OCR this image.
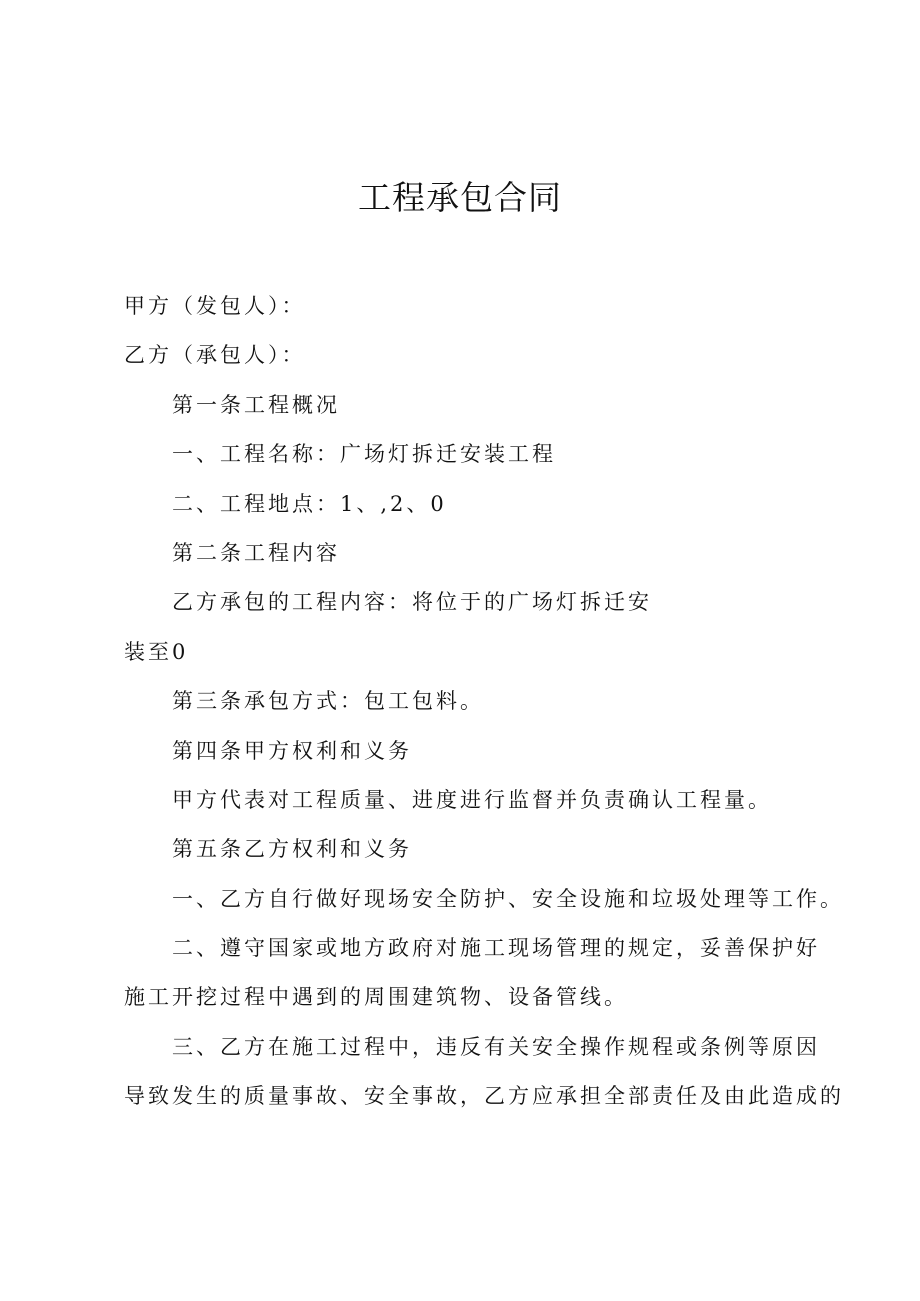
工程承包合同

甲方（发包人）：

乙方（承包人）：

第一条工程概况

一、工程名称：广场灯拆迁安装工程

二、工程地点：1、,2、0

第二条工程内容

乙方承包的工程内容：将位于的广场灯拆迁安

装至0

第三条承包方式：包工包料。

第四条甲方权利和义务

甲方代表对工程质量、进度进行监督并负责确认工程量。

第五条乙方权利和义务

一、乙方自行做好现场安全防护、安全设施和垃圾处理等工作。

二、遵守国家或地方政府对施工现场管理的规定，妥善保护好

施工开挖过程中遇到的周围建筑物、设备管线。

三、乙方在施工过程中，违反有关安全操作规程或条例等原因

导致发生的质量事故、安全事故，乙方应承担全部责任及由此造成的
